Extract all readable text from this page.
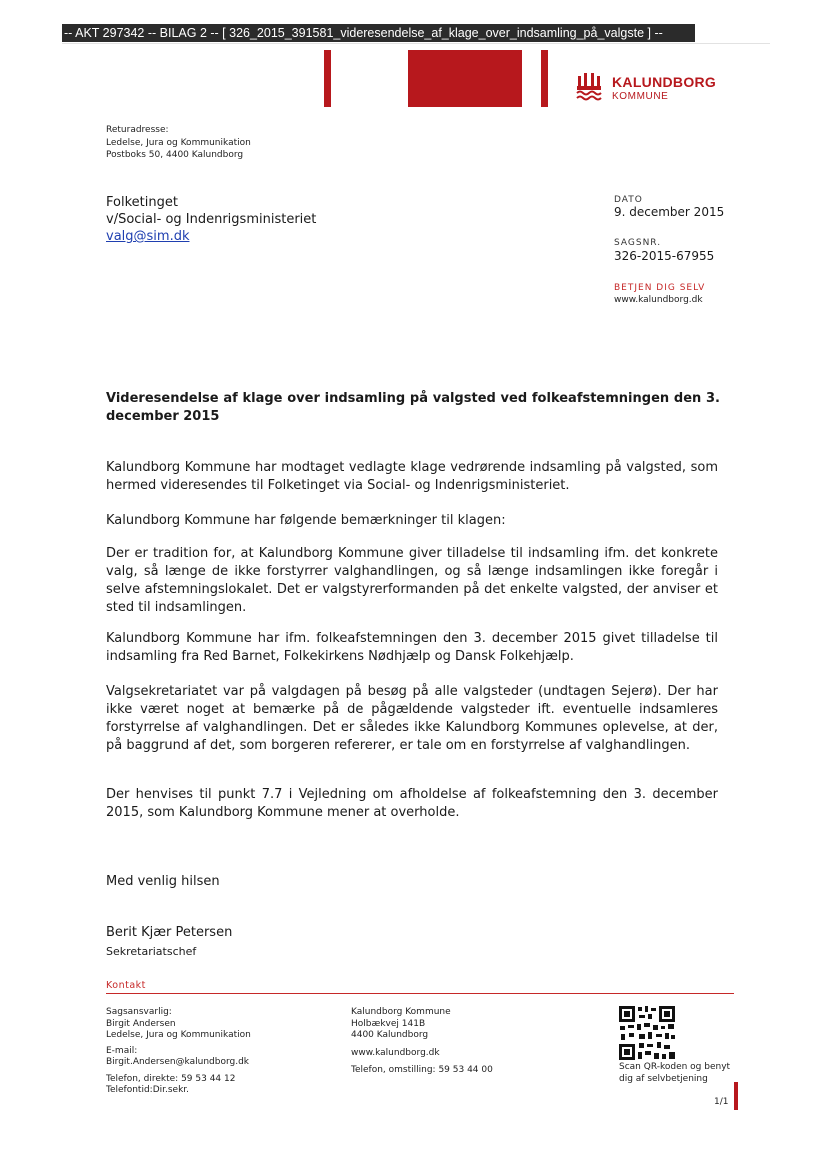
-- AKT 297342 -- BILAG 2 -- [ 326_2015_391581_videresendelse_af_klage_over_indsamling_på_valgste ] --
KALUNDBORG
KOMMUNE
Returadresse:
Ledelse, Jura og Kommunikation
Postboks 50, 4400 Kalundborg
Folketinget
v/Social- og Indenrigsministeriet
valg@sim.dk
DATO
9. december 2015
SAGSNR.
326-2015-67955
BETJEN DIG SELV
www.kalundborg.dk
Videresendelse af klage over indsamling på valgsted ved folkeafstemningen den 3. december 2015
Kalundborg Kommune har modtaget vedlagte klage vedrørende indsamling på valgsted, som hermed videresendes til Folketinget via Social- og Indenrigsministeriet.
Kalundborg Kommune har følgende bemærkninger til klagen:
Der er tradition for, at Kalundborg Kommune giver tilladelse til indsamling ifm. det konkrete valg, så længe de ikke forstyrrer valghandlingen, og så længe indsamlingen ikke foregår i selve afstemningslokalet. Det er valgstyrerformanden på det enkelte valgsted, der anviser et sted til indsamlingen.
Kalundborg Kommune har ifm. folkeafstemningen den 3. december 2015 givet tilladelse til indsamling fra Red Barnet, Folkekirkens Nødhjælp og Dansk Folkehjælp.
Valgsekretariatet var på valgdagen på besøg på alle valgsteder (undtagen Sejerø). Der har ikke været noget at bemærke på de pågældende valgsteder ift. eventuelle indsamleres forstyrrelse af valghandlingen. Det er således ikke Kalundborg Kommunes oplevelse, at der, på baggrund af det, som borgeren refererer, er tale om en forstyrrelse af valghandlingen.
Der henvises til punkt 7.7 i Vejledning om afholdelse af folkeafstemning den 3. december 2015, som Kalundborg Kommune mener at overholde.
Med venlig hilsen
Berit Kjær Petersen
Sekretariatschef
Kontakt
Sagsansvarlig:
Birgit Andersen
Ledelse, Jura og Kommunikation
E-mail:
Birgit.Andersen@kalundborg.dk
Telefon, direkte: 59 53 44 12
Telefontid:Dir.sekr.
Kalundborg Kommune
Holbækvej 141B
4400 Kalundborg
www.kalundborg.dk
Telefon, omstilling: 59 53 44 00	Scan QR-koden og benyt
dig af selvbetjening
1/1
